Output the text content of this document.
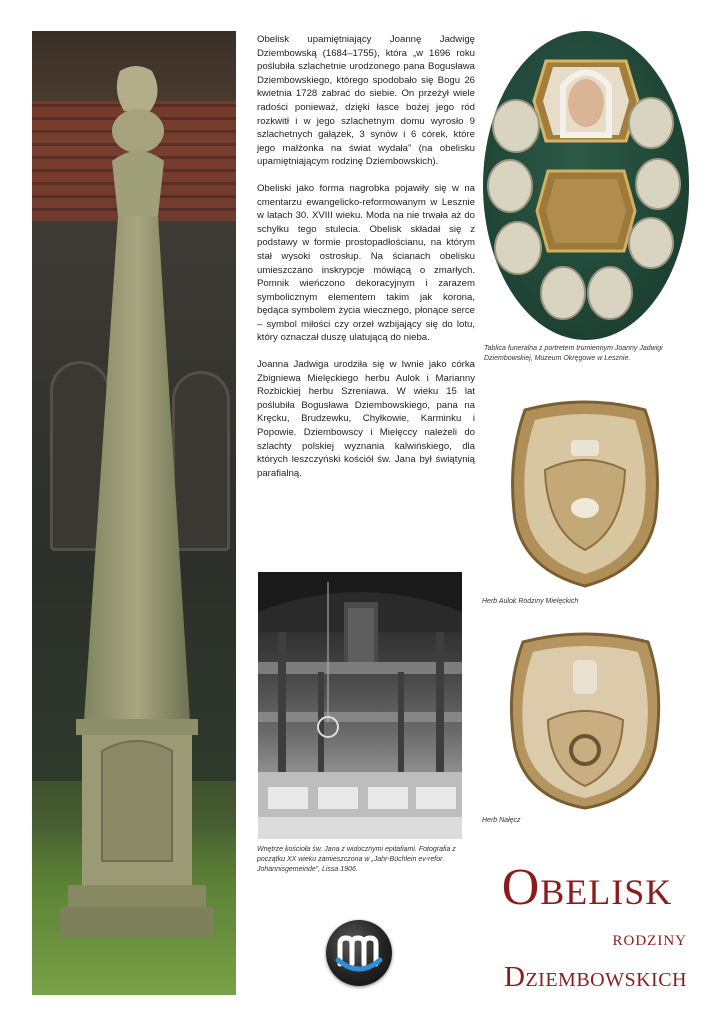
Obelisk upamiętniający Joannę Jadwigę Dziembowską (1684–1755), która „w 1696 roku poślubiła szlachetnie urodzonego pana Bogusława Dziembowskiego, którego spodobało się Bogu 26 kwietnia 1728 zabrać do siebie. On przeżył wiele radości ponieważ, dzięki łasce bożej jego ród rozkwitł i w jego szlachetnym domu wyrosło 9 szlachetnych gałązek, 3 synów i 6 córek, które jego małżonka na świat wydała” (na obelisku upamiętniającym rodzinę Dziembowskich).

Obeliski jako forma nagrobka pojawiły się w na cmentarzu ewangelicko-reformowanym w Lesznie w latach 30. XVIII wieku. Moda na nie trwała aż do schyłku tego stulecia. Obelisk składał się z podstawy w formie prostopadłościanu, na którym stał wysoki ostrosłup. Na ścianach obelisku umieszczano inskrypcje mówiącą o zmarłych. Pomnik wieńczono dekoracyjnym i zarazem symbolicznym elementem takim jak korona, będąca symbolem życia wiecznego, płonące serce – symbol miłości czy orzeł wzbijający się do lotu, który oznaczał duszę ulatującą do nieba.

Joanna Jadwiga urodziła się w Iwnie jako córka Zbigniewa Mielęckiego herbu Aulok i Marianny Rozbickiej herbu Szreniawa. W wieku 15 lat poślubiła Bogusława Dziembowskiego, pana na Kręcku, Brudzewku, Chyłkowie, Karminku i Popowie. Dziembowscy i Mielęccy należeli do szlachty polskiej wyznania kalwińskiego, dla których leszczyński kościół św. Jana był świątynią parafialną.

Tablica funeralna z portretem trumiennym Joanny Jadwigi Dziembowskiej, Muzeum Okręgowe w Lesznie.
Herb Aulok Rodziny Mielęckich
Herb Nałęcz
Wnętrze kościoła św. Jana z widocznymi epitafiami. Fotografia z początku XX wieku zamieszczona w „Jahr-Büchlein ev-refor. Johannisgemeinde”, Lissa 1906.	Obelisk
rodziny
Dziembowskich
